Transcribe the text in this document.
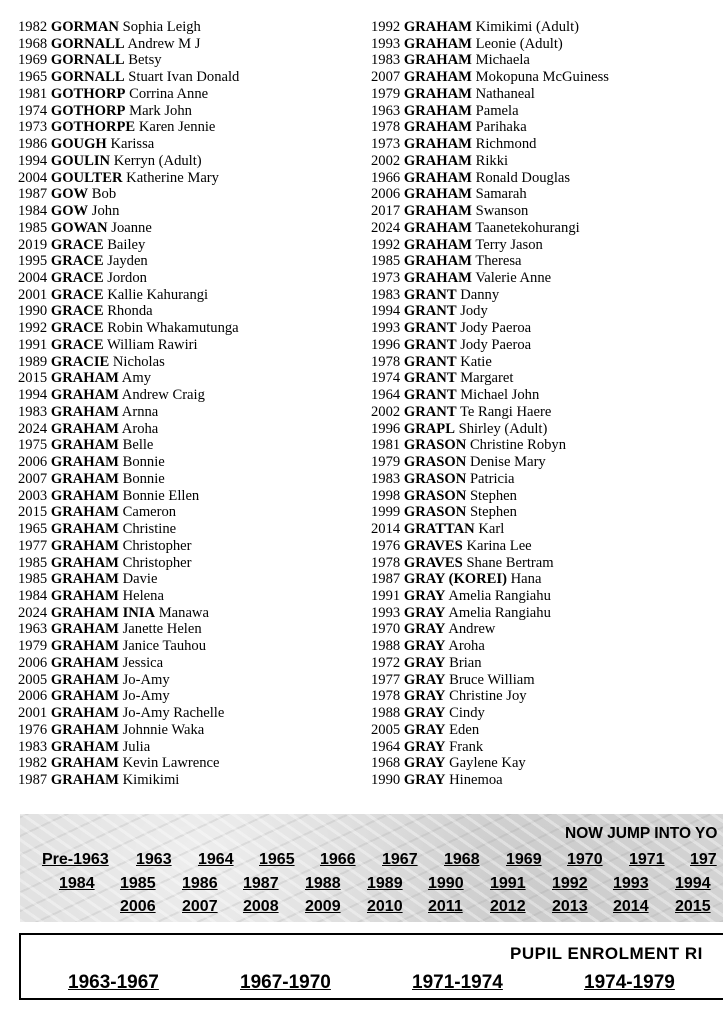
1982 GORMAN Sophia Leigh
1968 GORNALL Andrew M J
1969 GORNALL Betsy
1965 GORNALL Stuart Ivan Donald
1981 GOTHORP Corrina Anne
1974 GOTHORP Mark John
1973 GOTHORPE Karen Jennie
1986 GOUGH Karissa
1994 GOULIN Kerryn (Adult)
2004 GOULTER Katherine Mary
1987 GOW Bob
1984 GOW John
1985 GOWAN Joanne
2019 GRACE Bailey
1995 GRACE Jayden
2004 GRACE Jordon
2001 GRACE Kallie Kahurangi
1990 GRACE Rhonda
1992 GRACE Robin Whakamutunga
1991 GRACE William Rawiri
1989 GRACIE Nicholas
2015 GRAHAM Amy
1994 GRAHAM Andrew Craig
1983 GRAHAM Arnna
2024 GRAHAM Aroha
1975 GRAHAM Belle
2006 GRAHAM Bonnie
2007 GRAHAM Bonnie
2003 GRAHAM Bonnie Ellen
2015 GRAHAM Cameron
1965 GRAHAM Christine
1977 GRAHAM Christopher
1985 GRAHAM Christopher
1985 GRAHAM Davie
1984 GRAHAM Helena
2024 GRAHAM INIA Manawa
1963 GRAHAM Janette Helen
1979 GRAHAM Janice Tauhou
2006 GRAHAM Jessica
2005 GRAHAM Jo-Amy
2006 GRAHAM Jo-Amy
2001 GRAHAM Jo-Amy Rachelle
1976 GRAHAM Johnnie Waka
1983 GRAHAM Julia
1982 GRAHAM Kevin Lawrence
1987 GRAHAM Kimikimi
1992 GRAHAM Kimikimi (Adult)
1993 GRAHAM Leonie (Adult)
1983 GRAHAM Michaela
2007 GRAHAM Mokopuna McGuiness
1979 GRAHAM Nathaneal
1963 GRAHAM Pamela
1978 GRAHAM Parihaka
1973 GRAHAM Richmond
2002 GRAHAM Rikki
1966 GRAHAM Ronald Douglas
2006 GRAHAM Samarah
2017 GRAHAM Swanson
2024 GRAHAM Taanetekohurangi
1992 GRAHAM Terry Jason
1985 GRAHAM Theresa
1973 GRAHAM Valerie Anne
1983 GRANT Danny
1994 GRANT Jody
1993 GRANT Jody Paeroa
1996 GRANT Jody Paeroa
1978 GRANT Katie
1974 GRANT Margaret
1964 GRANT Michael John
2002 GRANT Te Rangi Haere
1996 GRAPL Shirley (Adult)
1981 GRASON Christine Robyn
1979 GRASON Denise Mary
1983 GRASON Patricia
1998 GRASON Stephen
1999 GRASON Stephen
2014 GRATTAN Karl
1976 GRAVES Karina Lee
1978 GRAVES Shane Bertram
1987 GRAY (KOREI) Hana
1991 GRAY Amelia Rangiahu
1993 GRAY Amelia Rangiahu
1970 GRAY Andrew
1988 GRAY Aroha
1972 GRAY Brian
1977 GRAY Bruce William
1978 GRAY Christine Joy
1988 GRAY Cindy
2005 GRAY Eden
1964 GRAY Frank
1968 GRAY Gaylene Kay
1990 GRAY Hinemoa
NOW JUMP INTO YO
Pre-1963 1963 1964 1965 1966 1967 1968 1969 1970 1971 197
1984 1985 1986 1987 1988 1989 1990 1991 1992 1993 1994
2006 2007 2008 2009 2010 2011 2012 2013 2014 2015
PUPIL ENROLMENT RI
1963-1967	1967-1970	1971-1974	1974-1979
